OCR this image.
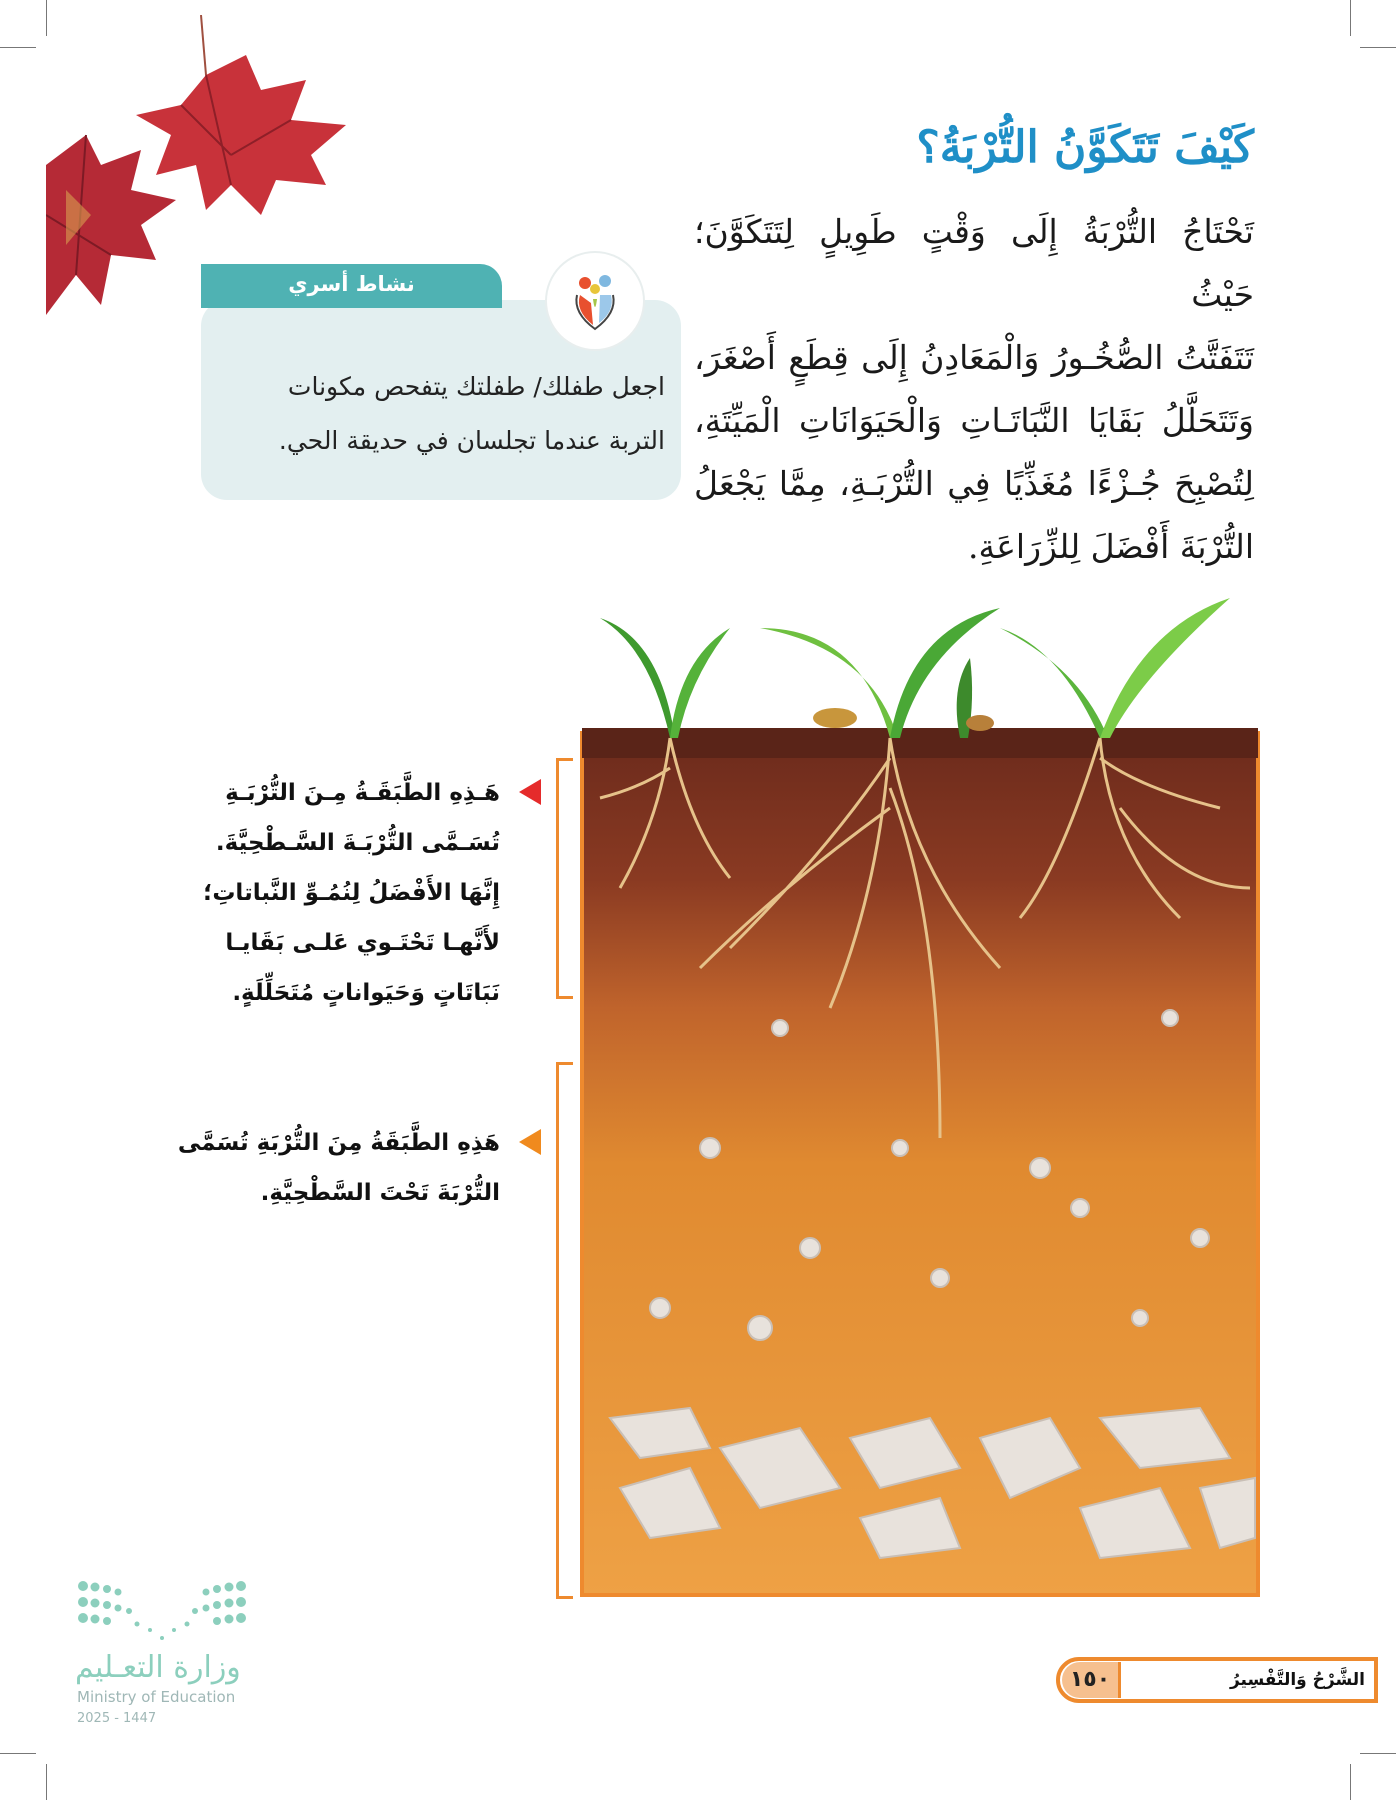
كَيْفَ تَتَكَوَّنُ التُّرْبَةُ؟
تَحْتَاجُ التُّرْبَةُ إِلَى وَقْتٍ طَوِيلٍ لِتَتَكَوَّنَ؛ حَيْثُ
تَتَفَتَّتُ الصُّخُـورُ وَالْمَعَادِنُ إِلَى قِطَعٍ أَصْغَرَ،
وَتَتَحَلَّلُ بَقَايَا النَّبَاتَـاتِ وَالْحَيَوَانَاتِ الْمَيِّتَةِ،
لِتُصْبِحَ جُـزْءًا مُغَذِّيًا فِي التُّرْبَـةِ، مِمَّا يَجْعَلُ
التُّرْبَةَ أَفْضَلَ لِلزِّرَاعَةِ.
نشاط أسري
اجعل طفلك/ طفلتك يتفحص مكونات
التربة عندما تجلسان في حديقة الحي.
هَـذِهِ الطَّبَقَـةُ مِـنَ التُّرْبَـةِ
تُسَـمَّى التُّرْبَـةَ السَّـطْحِيَّةَ.
إِنَّهَا الأَفْضَلُ لِنُمُـوِّ النَّباتاتِ؛
لأَنَّهـا تَحْتَـوي عَلـى بَقَايـا
نَبَاتَاتٍ وَحَيَواناتٍ مُتَحَلِّلَةٍ.
هَذِهِ الطَّبَقَةُ مِنَ التُّرْبَةِ تُسَمَّى
التُّرْبَةَ تَحْتَ السَّطْحِيَّةِ.
وزارة التعـليم
Ministry of Education
2025 - 1447
١٥٠	الشَّرْحُ وَالتَّفْسِيرُ
